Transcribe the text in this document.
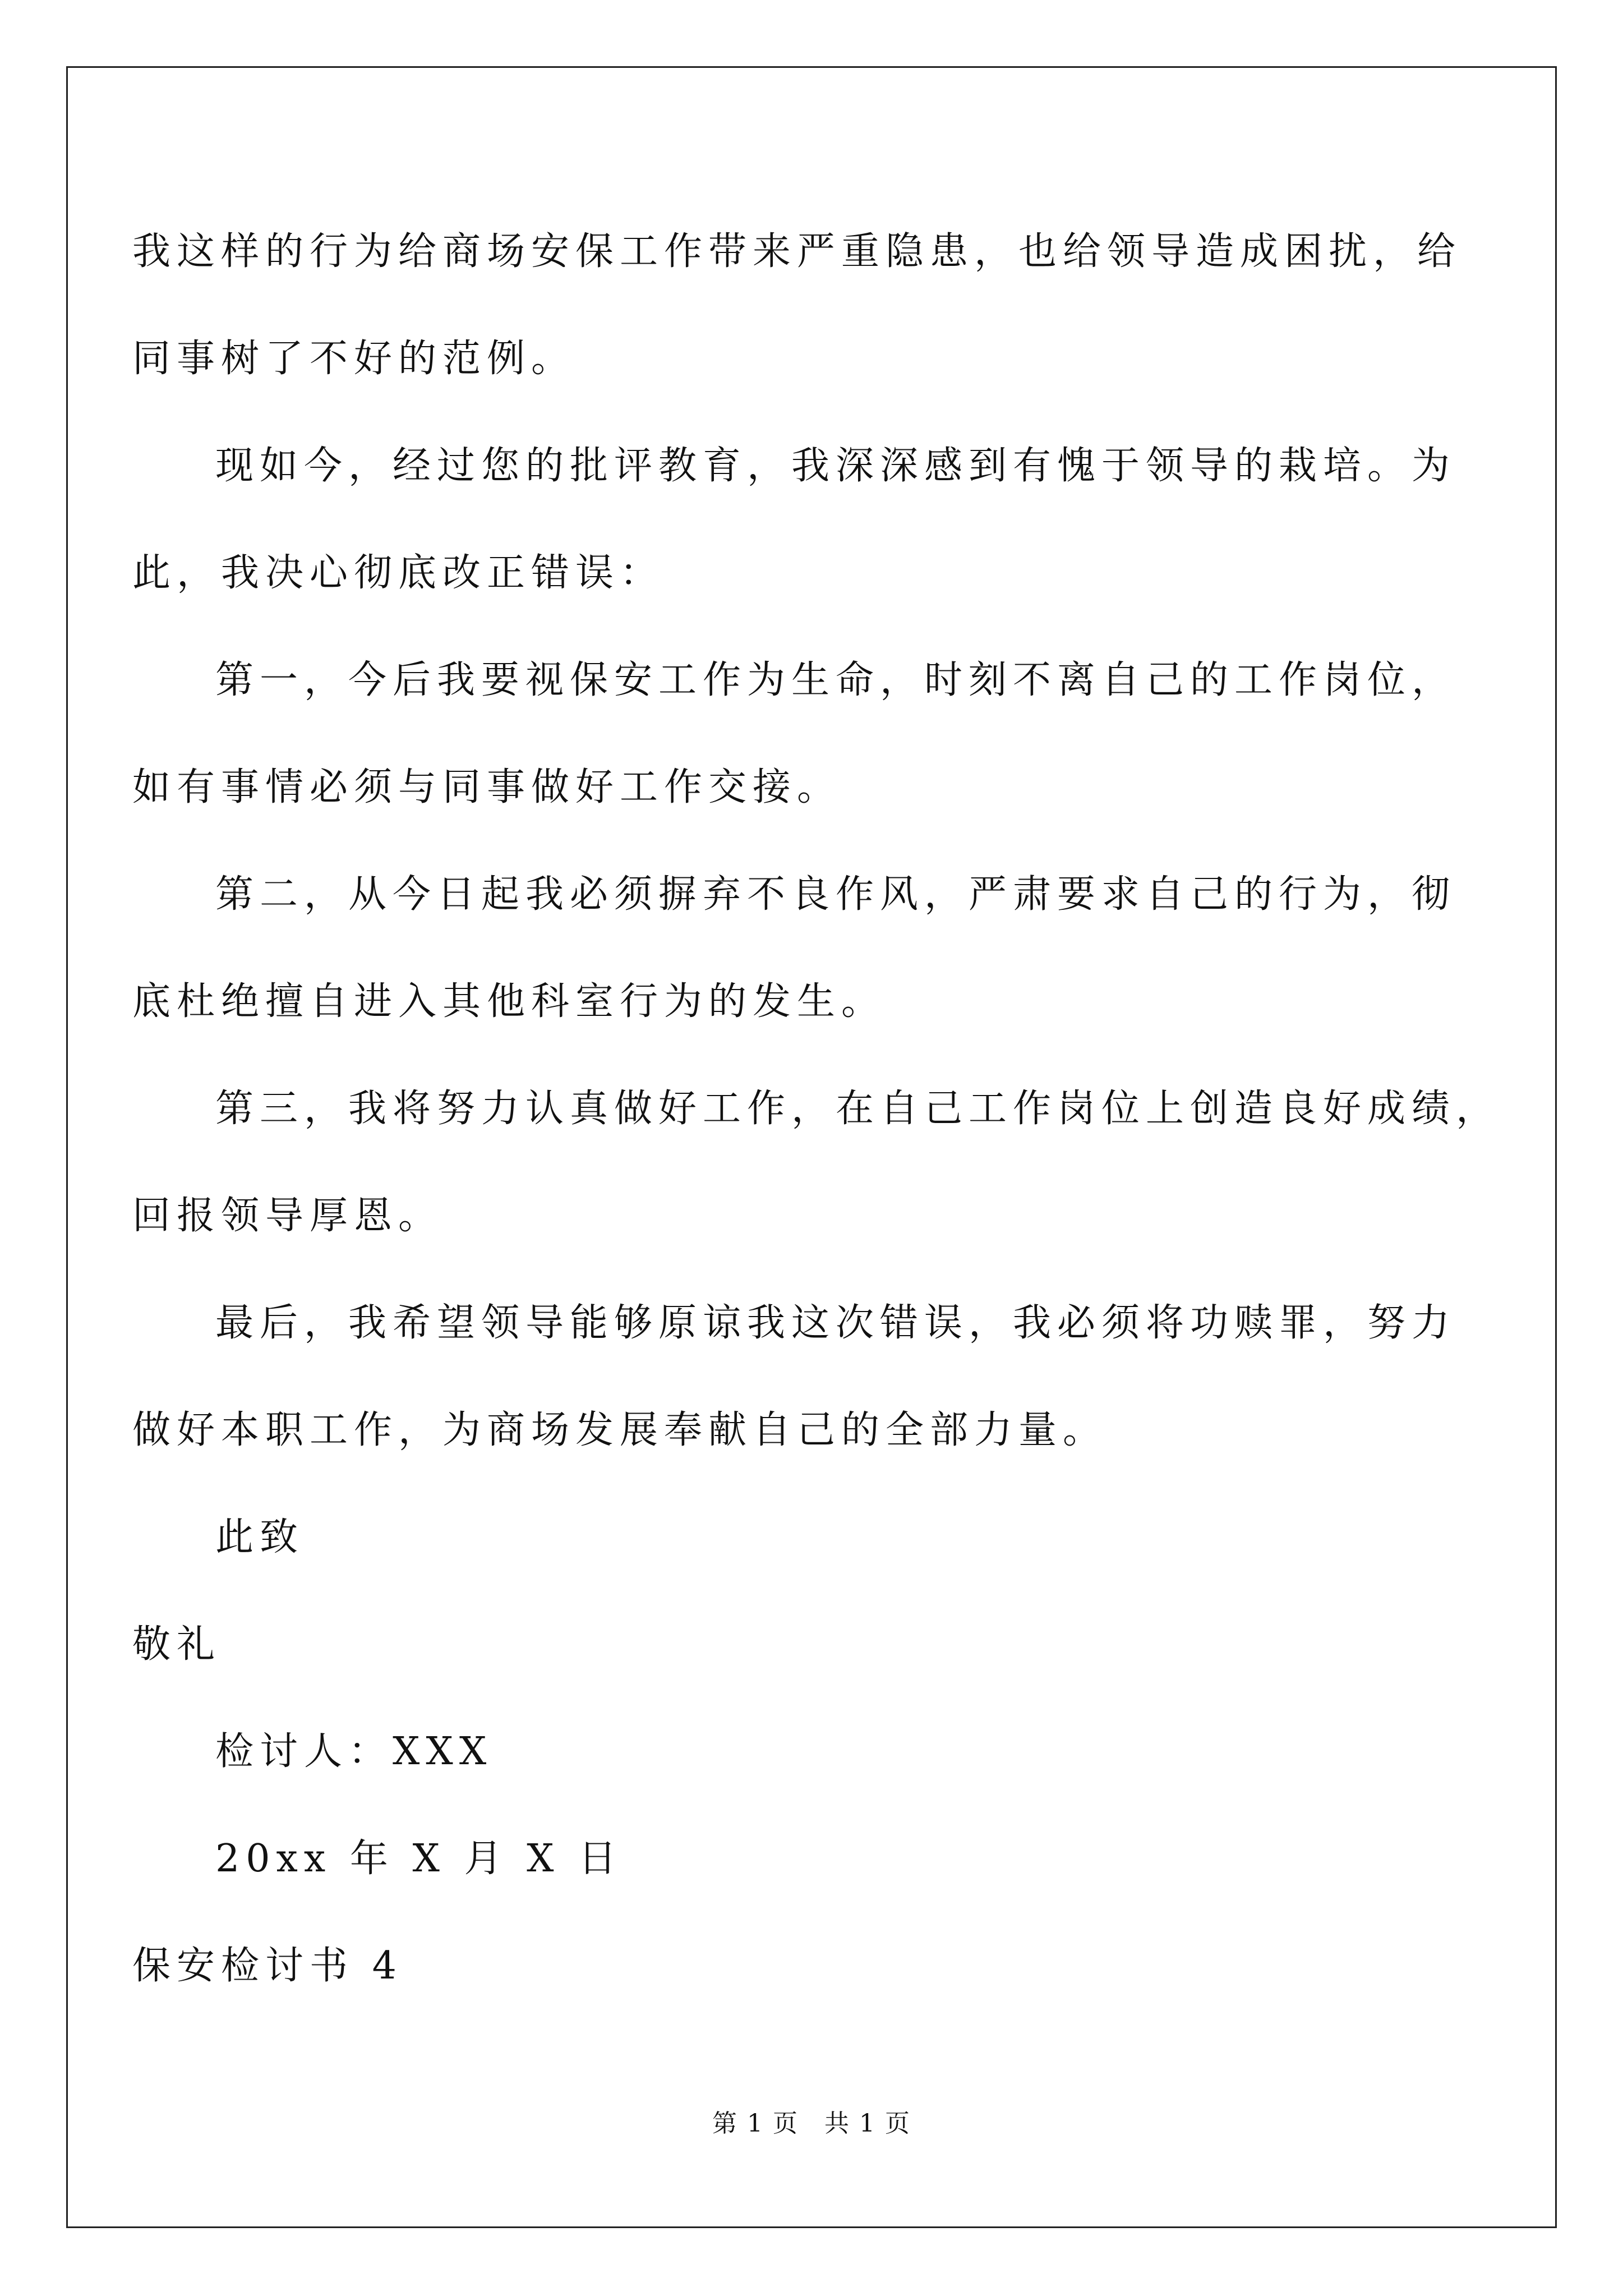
我这样的行为给商场安保工作带来严重隐患，也给领导造成困扰，给
同事树了不好的范例。
现如今，经过您的批评教育，我深深感到有愧于领导的栽培。为
此，我决心彻底改正错误：
第一，今后我要视保安工作为生命，时刻不离自己的工作岗位，
如有事情必须与同事做好工作交接。
第二，从今日起我必须摒弃不良作风，严肃要求自己的行为，彻
底杜绝擅自进入其他科室行为的发生。
第三，我将努力认真做好工作，在自己工作岗位上创造良好成绩，
回报领导厚恩。
最后，我希望领导能够原谅我这次错误，我必须将功赎罪，努力
做好本职工作，为商场发展奉献自己的全部力量。
此致
敬礼
检讨人：XXX
20xx 年 X 月 X 日
保安检讨书 4
第 1 页　共 1 页
